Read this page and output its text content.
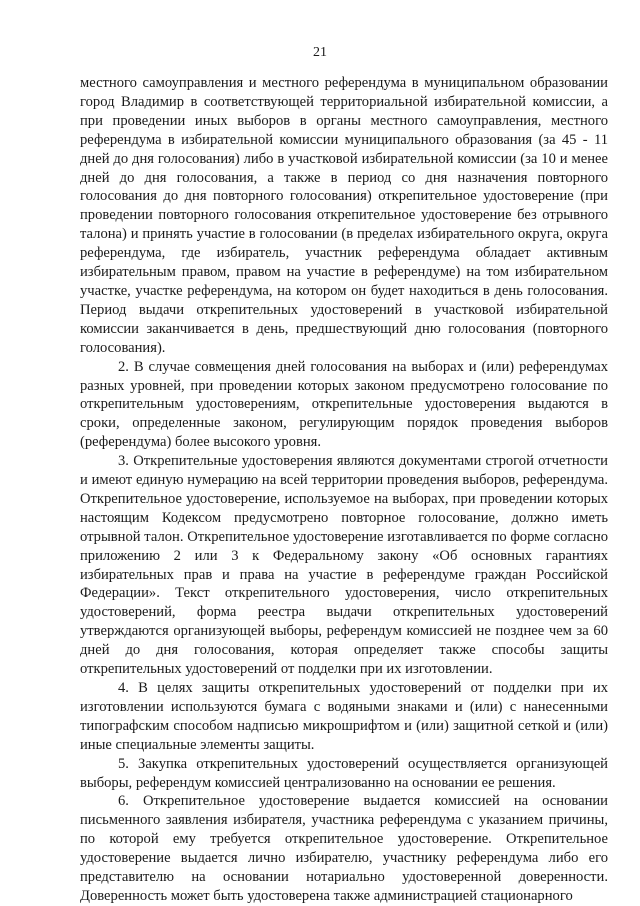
21

местного самоуправления и местного референдума в муниципальном образовании город Владимир в соответствующей территориальной избирательной комиссии, а при проведении иных выборов в органы местного самоуправления, местного референдума в избирательной комиссии муниципального образования (за 45 - 11 дней до дня голосования) либо в участковой избирательной комиссии (за 10 и менее дней до дня голосования, а также в период со дня назначения повторного голосования до дня повторного голосования) открепительное удостоверение (при проведении повторного голосования открепительное удостоверение без отрывного талона) и принять участие в голосовании (в пределах избирательного округа, округа референдума, где избиратель, участник референдума обладает активным избирательным правом, правом на участие в референдуме) на том избирательном участке, участке референдума, на котором он будет находиться в день голосования. Период выдачи открепительных удостоверений в участковой избирательной комиссии заканчивается в день, предшествующий дню голосования (повторного голосования).

2. В случае совмещения дней голосования на выборах и (или) референдумах разных уровней, при проведении которых законом предусмотрено голосование по открепительным удостоверениям, открепительные удостоверения выдаются в сроки, определенные законом, регулирующим порядок проведения выборов (референдума) более высокого уровня.

3. Открепительные удостоверения являются документами строгой отчетности и имеют единую нумерацию на всей территории проведения выборов, референдума. Открепительное удостоверение, используемое на выборах, при проведении которых настоящим Кодексом предусмотрено повторное голосование, должно иметь отрывной талон. Открепительное удостоверение изготавливается по форме согласно приложению 2 или 3 к Федеральному закону «Об основных гарантиях избирательных прав и права на участие в референдуме граждан Российской Федерации». Текст открепительного удостоверения, число открепительных удостоверений, форма реестра выдачи открепительных удостоверений утверждаются организующей выборы, референдум комиссией не позднее чем за 60 дней до дня голосования, которая определяет также способы защиты открепительных удостоверений от подделки при их изготовлении.

4. В целях защиты открепительных удостоверений от подделки при их изготовлении используются бумага с водяными знаками и (или) с нанесенными типографским способом надписью микрошрифтом и (или) защитной сеткой и (или) иные специальные элементы защиты.

5. Закупка открепительных удостоверений осуществляется организующей выборы, референдум комиссией централизованно на основании ее решения.

6. Открепительное удостоверение выдается комиссией на основании письменного заявления избирателя, участника референдума с указанием причины, по которой ему требуется открепительное удостоверение. Открепительное удостоверение выдается лично избирателю, участнику референдума либо его представителю на основании нотариально удостоверенной доверенности. Доверенность может быть удостоверена также администрацией стационарного
